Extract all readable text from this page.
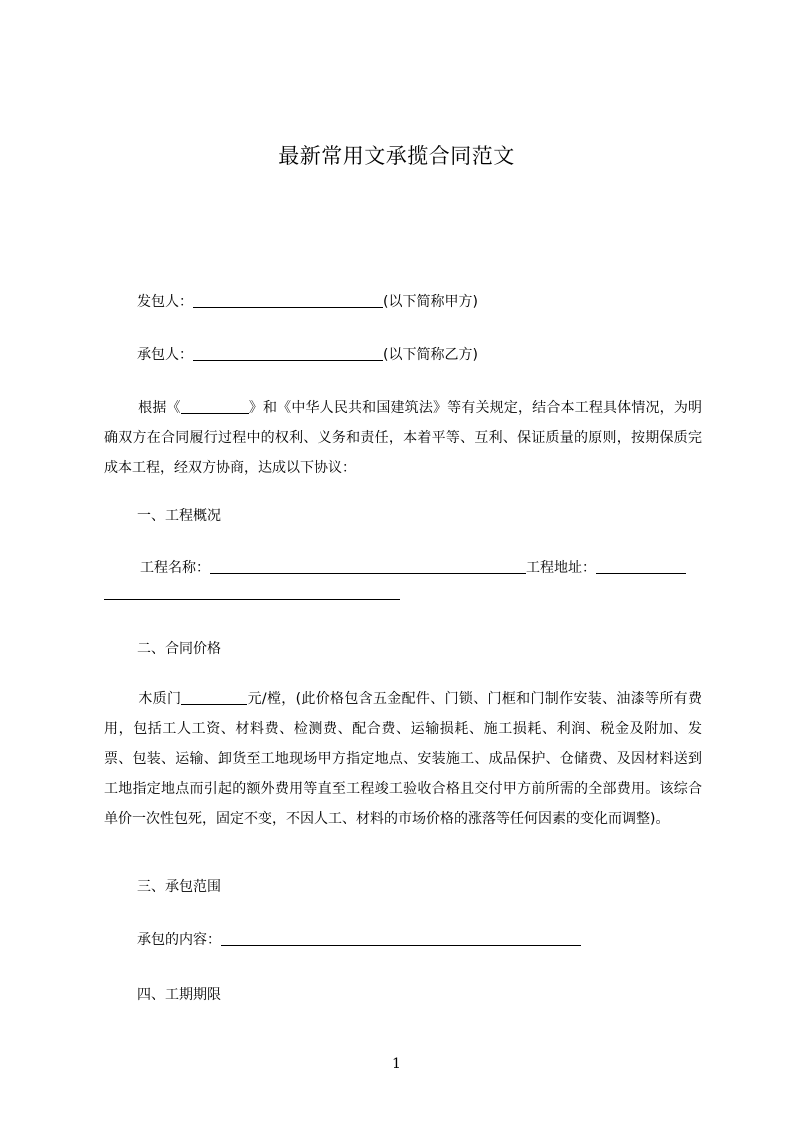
最新常用文承揽合同范文
发包人：	(以下简称甲方)
承包人：	(以下简称乙方)
根据《	》和《中华人民共和国建筑法》等有关规定，结合本工程具体情况，为明确双方在合同履行过程中的权利、义务和责任，本着平等、互利、保证质量的原则，按期保质完成本工程，经双方协商，达成以下协议：
一、工程概况
工程名称：	工程地址：
二、合同价格
木质门	元/樘，(此价格包含五金配件、门锁、门框和门制作安装、油漆等所有费用，包括工人工资、材料费、检测费、配合费、运输损耗、施工损耗、利润、税金及附加、发票、包装、运输、卸货至工地现场甲方指定地点、安装施工、成品保护、仓储费、及因材料送到工地指定地点而引起的额外费用等直至工程竣工验收合格且交付甲方前所需的全部费用。该综合单价一次性包死，固定不变，不因人工、材料的市场价格的涨落等任何因素的变化而调整)。
三、承包范围
承包的内容：
四、工期期限
1
